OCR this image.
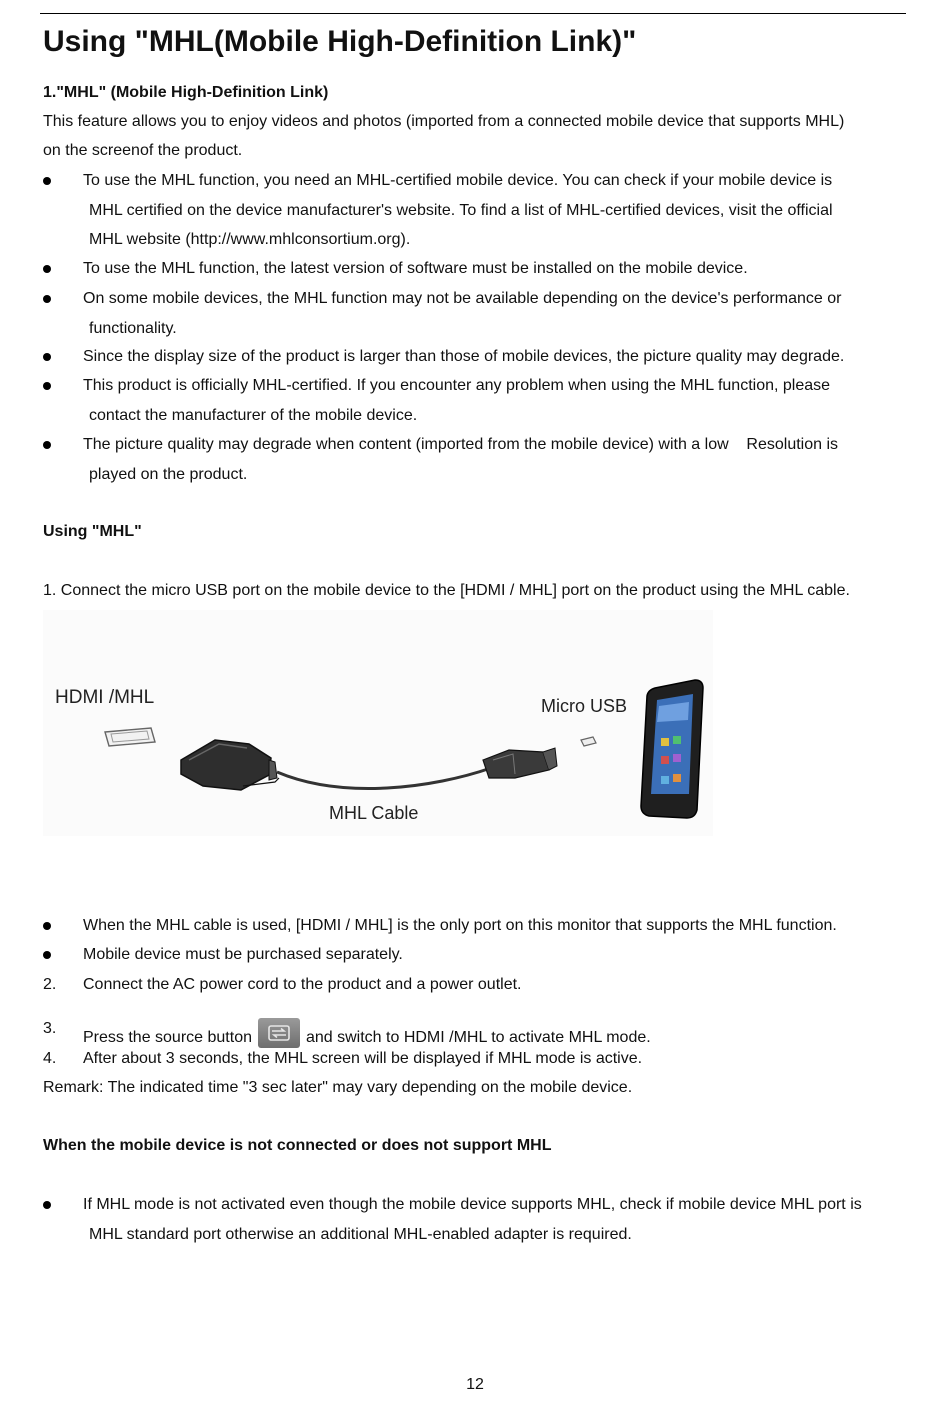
Using "MHL(Mobile High-Definition Link)"

1."MHL" (Mobile High-Definition Link)

This feature allows you to enjoy videos and photos (imported from a connected mobile device that supports MHL)

on the screenof the product.

To use the MHL function, you need an MHL-certified mobile device. You can check if your mobile device is
MHL certified on the device manufacturer's website. To find a list of MHL-certified devices, visit the official
MHL website (http://www.mhlconsortium.org).
To use the MHL function, the latest version of software must be installed on the mobile device.
On some mobile devices, the MHL function may not be available depending on the device's performance or
functionality.
Since the display size of the product is larger than those of mobile devices, the picture quality may degrade.
This product is officially MHL-certified. If you encounter any problem when using the MHL function, please
contact the manufacturer of the mobile device.
The picture quality may degrade when content (imported from the mobile device) with a low    Resolution is
played on the product.

Using "MHL"

1. Connect the micro USB port on the mobile device to the [HDMI / MHL] port on the product using the MHL cable.

HDMI /MHL	Micro USB
MHL Cable
When the MHL cable is used, [HDMI / MHL] is the only port on this monitor that supports the MHL function.
Mobile device must be purchased separately.
2. Connect the AC power cord to the product and a power outlet.
3.
Press the source button	and switch to HDMI /MHL to activate MHL mode.
4. After about 3 seconds, the MHL screen will be displayed if MHL mode is active.

Remark: The indicated time "3 sec later" may vary depending on the mobile device.

When the mobile device is not connected or does not support MHL

If MHL mode is not activated even though the mobile device supports MHL, check if mobile device MHL port is
MHL standard port otherwise an additional MHL-enabled adapter is required.
12
